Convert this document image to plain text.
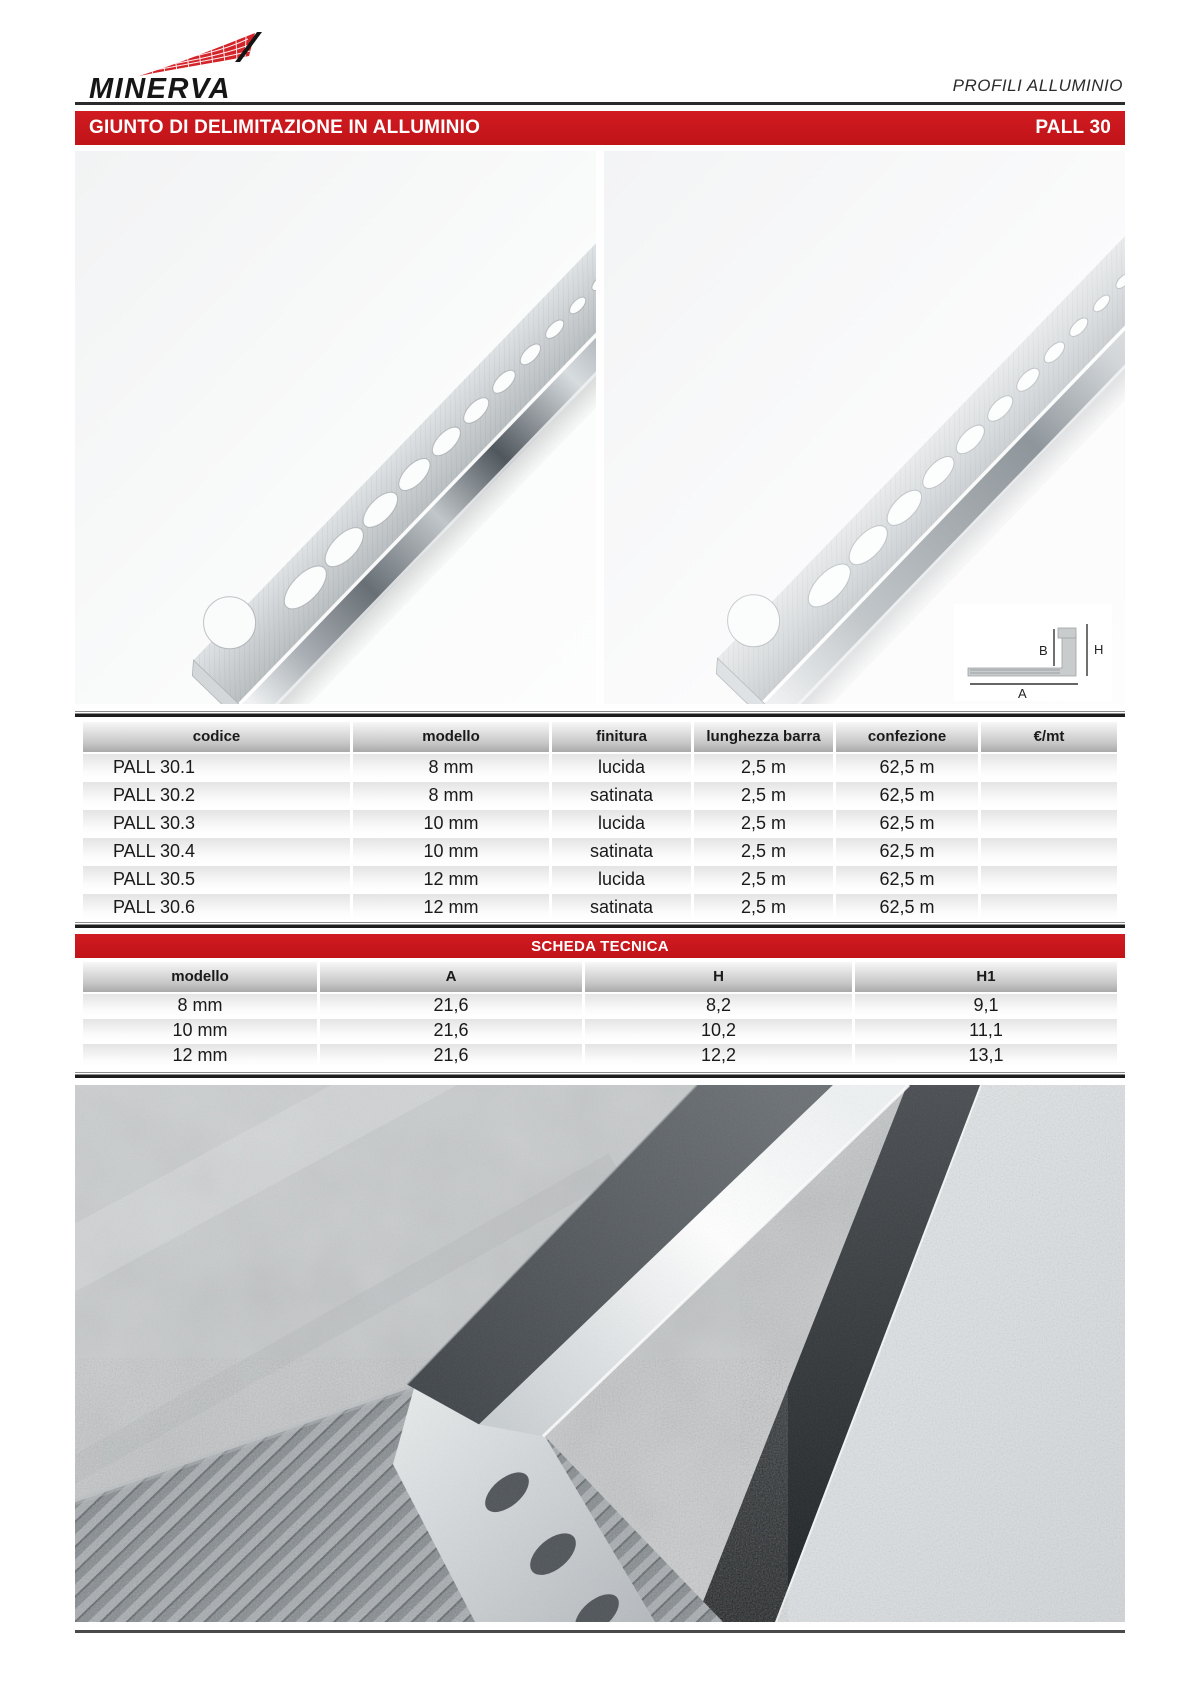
MINERVA	PROFILI ALLUMINIO
GIUNTO DI DELIMITAZIONE IN ALLUMINIO	PALL 30
B	H
A
codice	modello	finitura	lunghezza barra	confezione	€/mt
PALL 30.1	8 mm	lucida	2,5 m	62,5 m
PALL 30.2	8 mm	satinata	2,5 m	62,5 m
PALL 30.3	10 mm	lucida	2,5 m	62,5 m
PALL 30.4	10 mm	satinata	2,5 m	62,5 m
PALL 30.5	12 mm	lucida	2,5 m	62,5 m
PALL 30.6	12 mm	satinata	2,5 m	62,5 m
SCHEDA TECNICA
modello	A	H	H1
8 mm	21,6	8,2	9,1
10 mm	21,6	10,2	11,1
12 mm	21,6	12,2	13,1
